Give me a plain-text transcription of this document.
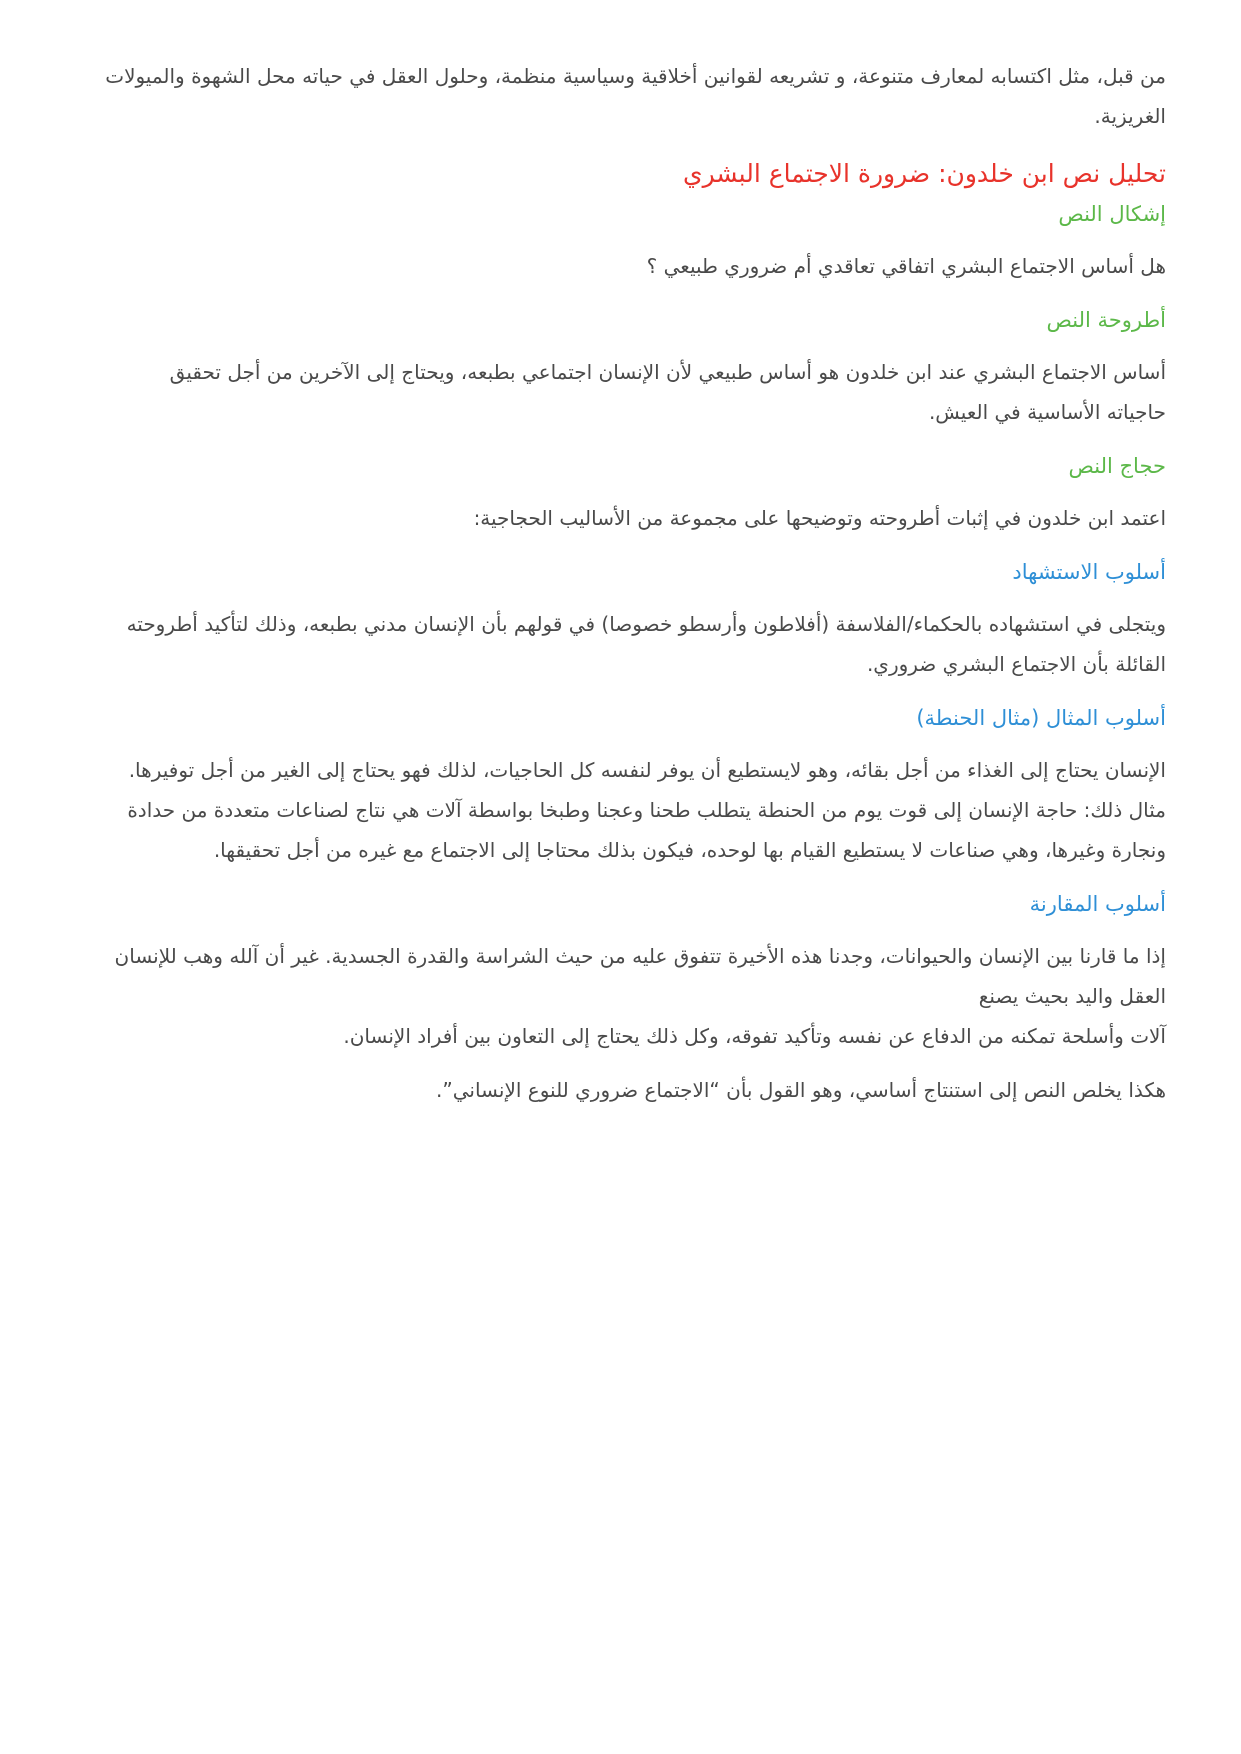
من قبل، مثل اكتسابه لمعارف متنوعة، و تشريعه لقوانين أخلاقية وسياسية منظمة، وحلول العقل في حياته محل الشهوة والميولات
الغريزية.

تحليل نص ابن خلدون: ضرورة الاجتماع البشري
إشكال النص

هل أساس الاجتماع البشري اتفاقي تعاقدي أم ضروري طبيعي ؟

أطروحة النص

أساس الاجتماع البشري عند ابن خلدون هو أساس طبيعي لأن الإنسان اجتماعي بطبعه، ويحتاج إلى الآخرين من أجل تحقيق
حاجياته الأساسية في العيش.

حجاج النص

اعتمد ابن خلدون في إثبات أطروحته وتوضيحها على مجموعة من الأساليب الحجاجية:

أسلوب الاستشهاد

ويتجلى في استشهاده بالحكماء/الفلاسفة (أفلاطون وأرسطو خصوصا) في قولهم بأن الإنسان مدني بطبعه، وذلك لتأكيد أطروحته
القائلة بأن الاجتماع البشري ضروري.

أسلوب المثال (مثال الحنطة)

الإنسان يحتاج إلى الغذاء من أجل بقائه، وهو لايستطيع أن يوفر لنفسه كل الحاجيات، لذلك فهو يحتاج إلى الغير من أجل توفيرها.
مثال ذلك: حاجة الإنسان إلى قوت يوم من الحنطة يتطلب طحنا وعجنا وطبخا بواسطة آلات هي نتاج لصناعات متعددة من حدادة
ونجارة وغيرها، وهي صناعات لا يستطيع القيام بها لوحده، فيكون بذلك محتاجا إلى الاجتماع مع غيره من أجل تحقيقها.

أسلوب المقارنة

إذا ما قارنا بين الإنسان والحيوانات، وجدنا هذه الأخيرة تتفوق عليه من حيث الشراسة والقدرة الجسدية. غير أن آلله وهب للإنسان
العقل واليد بحيث يصنع
آلات وأسلحة تمكنه من الدفاع عن نفسه وتأكيد تفوقه، وكل ذلك يحتاج إلى التعاون بين أفراد الإنسان.

هكذا يخلص النص إلى استنتاج أساسي، وهو القول بأن “الاجتماع ضروري للنوع الإنساني”.
